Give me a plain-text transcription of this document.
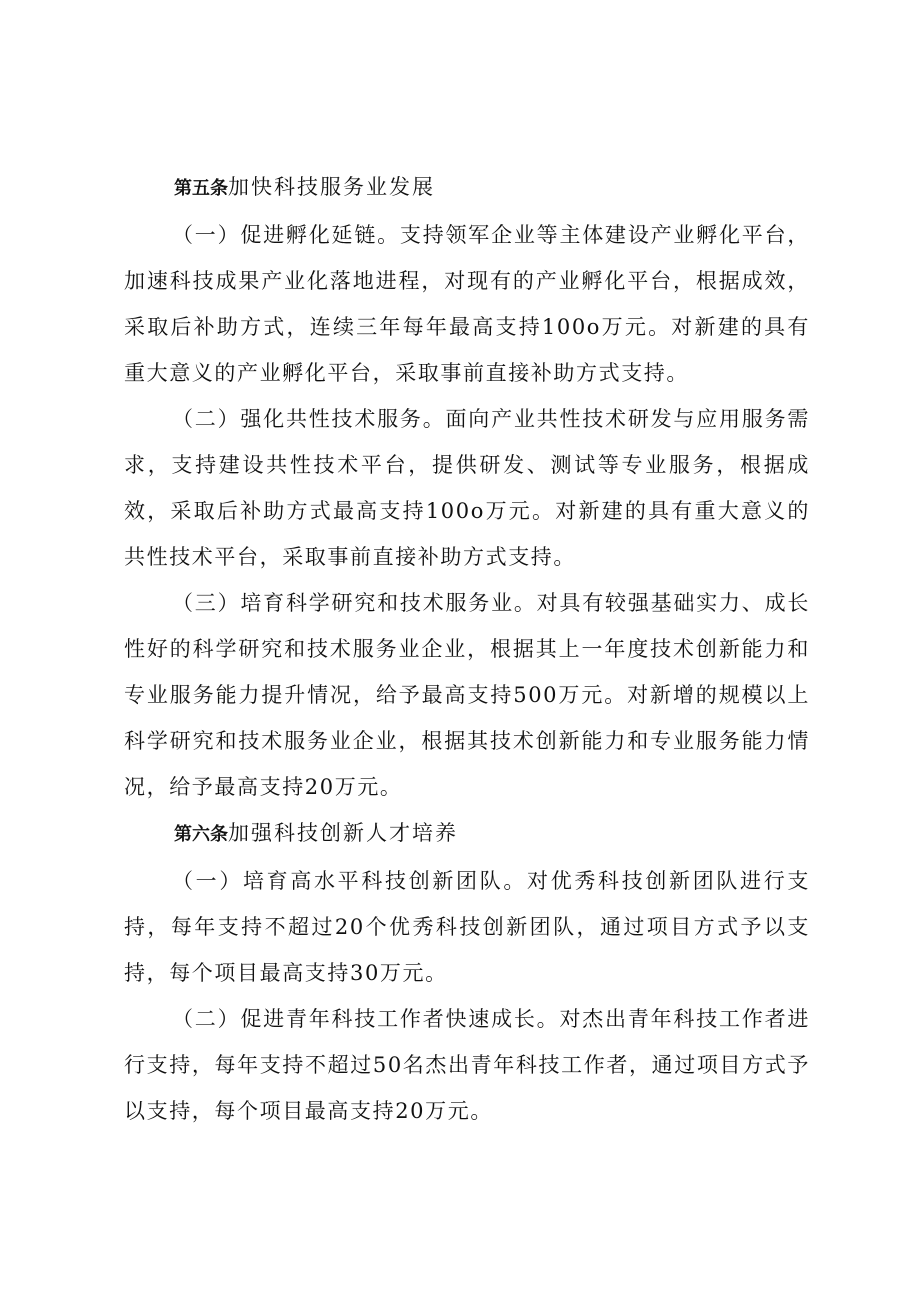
第五条加快科技服务业发展

（一）促进孵化延链。支持领军企业等主体建设产业孵化平台，加速科技成果产业化落地进程，对现有的产业孵化平台，根据成效，采取后补助方式，连续三年每年最高支持100o万元。对新建的具有重大意义的产业孵化平台，采取事前直接补助方式支持。

（二）强化共性技术服务。面向产业共性技术研发与应用服务需求，支持建设共性技术平台，提供研发、测试等专业服务，根据成效，采取后补助方式最高支持100o万元。对新建的具有重大意义的共性技术平台，采取事前直接补助方式支持。

（三）培育科学研究和技术服务业。对具有较强基础实力、成长性好的科学研究和技术服务业企业，根据其上一年度技术创新能力和专业服务能力提升情况，给予最高支持500万元。对新增的规模以上科学研究和技术服务业企业，根据其技术创新能力和专业服务能力情况，给予最高支持20万元。

第六条加强科技创新人才培养

（一）培育高水平科技创新团队。对优秀科技创新团队进行支持，每年支持不超过20个优秀科技创新团队，通过项目方式予以支持，每个项目最高支持30万元。

（二）促进青年科技工作者快速成长。对杰出青年科技工作者进行支持，每年支持不超过50名杰出青年科技工作者，通过项目方式予以支持，每个项目最高支持20万元。
